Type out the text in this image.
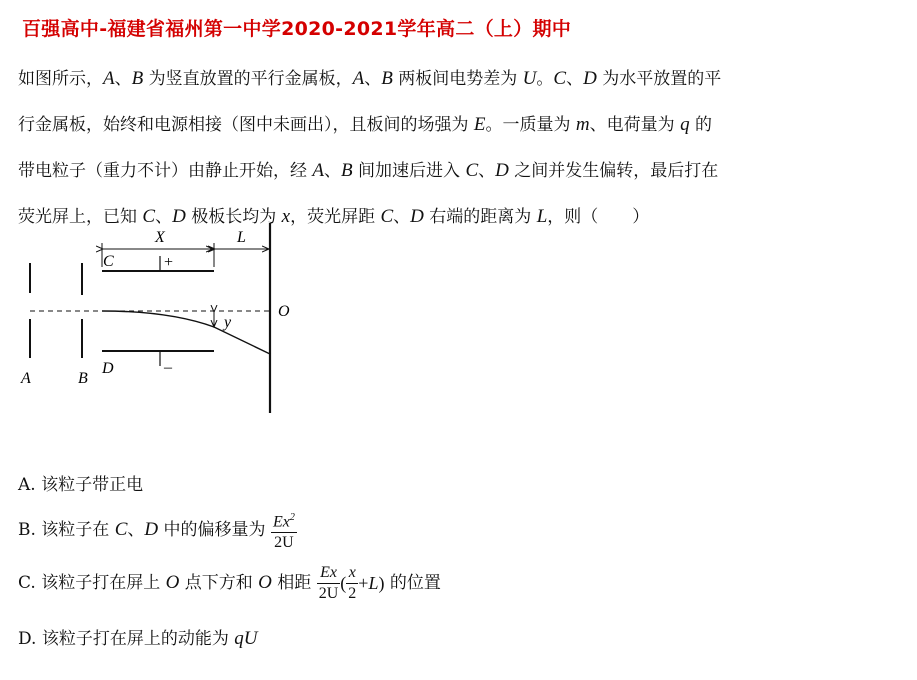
百强高中-福建省福州第一中学2020-2021学年高二（上）期中

如图所示，A、B 为竖直放置的平行金属板，A、B 两板间电势差为 U。C、D 为水平放置的平

行金属板，始终和电源相接（图中未画出），且板间的场强为 E。一质量为 m、电荷量为 q 的

带电粒子（重力不计）由静止开始，经 A、B 间加速后进入 C、D 之间并发生偏转，最后打在

荧光屏上，已知 C、D 极板长均为 x，荧光屏距 C、D 右端的距离为 L，则（　　）

X	L
C	+
O
y
D	–
A	B
A. 该粒子带正电
B. 该粒子在 C、D 中的偏移量为 $\frac{Ex^2}{2U}$
C. 该粒子打在屏上 O 点下方和 O 相距 $\frac{Ex}{2U}$ ( $\frac{x}{2} +L$) 的位置
D. 该粒子打在屏上的动能为 qU
